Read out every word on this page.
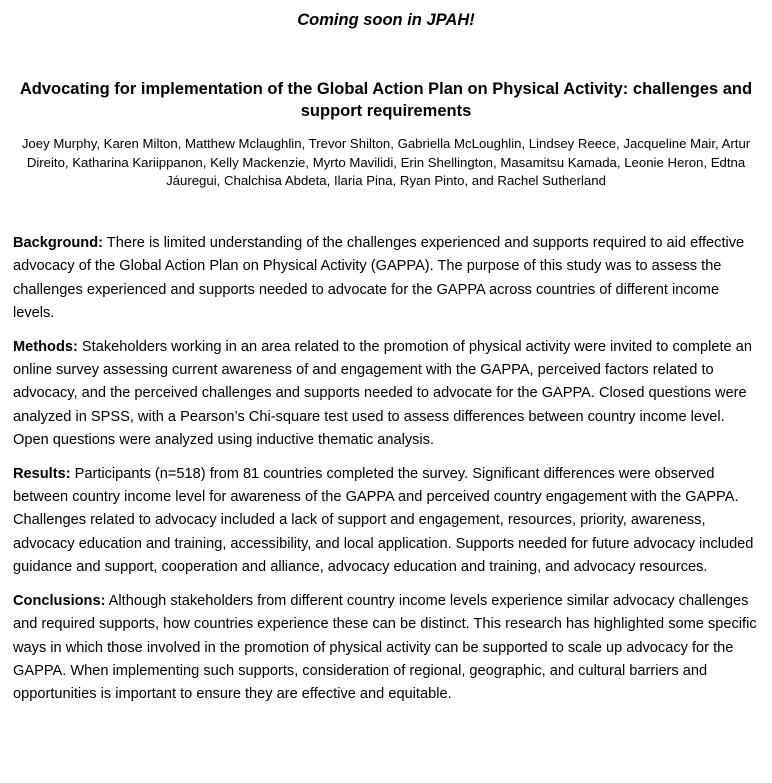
Coming soon in JPAH!
Advocating for implementation of the Global Action Plan on Physical Activity: challenges and support requirements
Joey Murphy, Karen Milton, Matthew Mclaughlin, Trevor Shilton, Gabriella McLoughlin, Lindsey Reece, Jacqueline Mair, Artur Direito, Katharina Kariippanon, Kelly Mackenzie, Myrto Mavilidi, Erin Shellington, Masamitsu Kamada, Leonie Heron, Edtna Jáuregui, Chalchisa Abdeta, Ilaria Pina, Ryan Pinto, and Rachel Sutherland

Background: There is limited understanding of the challenges experienced and supports required to aid effective advocacy of the Global Action Plan on Physical Activity (GAPPA). The purpose of this study was to assess the challenges experienced and supports needed to advocate for the GAPPA across countries of different income levels.

Methods: Stakeholders working in an area related to the promotion of physical activity were invited to complete an online survey assessing current awareness of and engagement with the GAPPA, perceived factors related to advocacy, and the perceived challenges and supports needed to advocate for the GAPPA. Closed questions were analyzed in SPSS, with a Pearson’s Chi-square test used to assess differences between country income level. Open questions were analyzed using inductive thematic analysis.

Results: Participants (n=518) from 81 countries completed the survey. Significant differences were observed between country income level for awareness of the GAPPA and perceived country engagement with the GAPPA. Challenges related to advocacy included a lack of support and engagement, resources, priority, awareness, advocacy education and training, accessibility, and local application. Supports needed for future advocacy included guidance and support, cooperation and alliance, advocacy education and training, and advocacy resources.

Conclusions: Although stakeholders from different country income levels experience similar advocacy challenges and required supports, how countries experience these can be distinct. This research has highlighted some specific ways in which those involved in the promotion of physical activity can be supported to scale up advocacy for the GAPPA. When implementing such supports, consideration of regional, geographic, and cultural barriers and opportunities is important to ensure they are effective and equitable.
